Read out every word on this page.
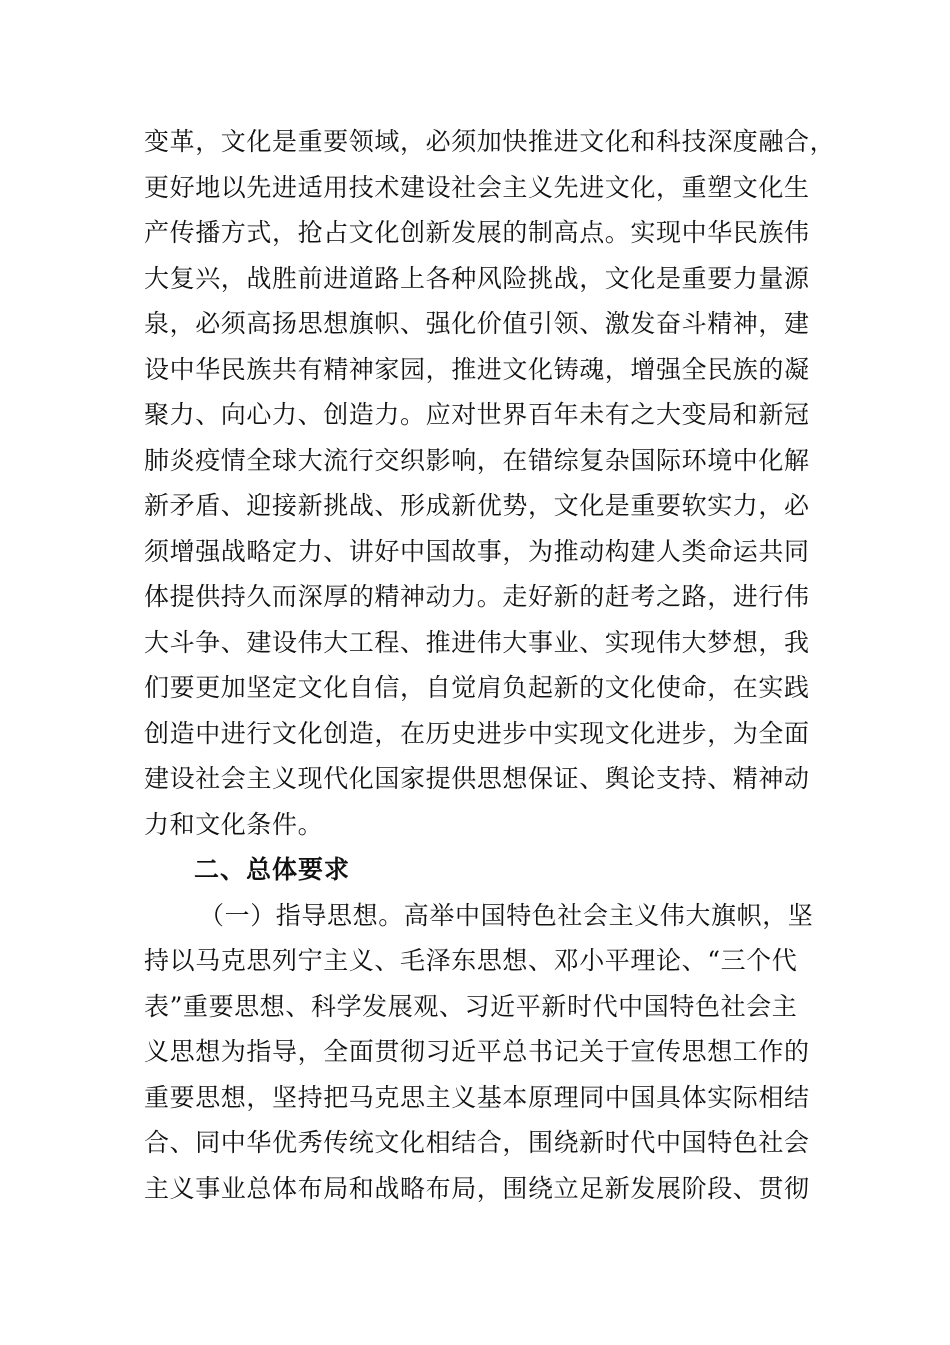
变革，文化是重要领域，必须加快推进文化和科技深度融合，
更好地以先进适用技术建设社会主义先进文化，重塑文化生
产传播方式，抢占文化创新发展的制高点。实现中华民族伟
大复兴，战胜前进道路上各种风险挑战，文化是重要力量源
泉，必须高扬思想旗帜、强化价值引领、激发奋斗精神，建
设中华民族共有精神家园，推进文化铸魂，增强全民族的凝
聚力、向心力、创造力。应对世界百年未有之大变局和新冠
肺炎疫情全球大流行交织影响，在错综复杂国际环境中化解
新矛盾、迎接新挑战、形成新优势，文化是重要软实力，必
须增强战略定力、讲好中国故事，为推动构建人类命运共同
体提供持久而深厚的精神动力。走好新的赶考之路，进行伟
大斗争、建设伟大工程、推进伟大事业、实现伟大梦想，我
们要更加坚定文化自信，自觉肩负起新的文化使命，在实践
创造中进行文化创造，在历史进步中实现文化进步，为全面
建设社会主义现代化国家提供思想保证、舆论支持、精神动
力和文化条件。
二、总体要求
（一）指导思想。高举中国特色社会主义伟大旗帜，坚
持以马克思列宁主义、毛泽东思想、邓小平理论、“三个代
表”重要思想、科学发展观、习近平新时代中国特色社会主
义思想为指导，全面贯彻习近平总书记关于宣传思想工作的
重要思想，坚持把马克思主义基本原理同中国具体实际相结
合、同中华优秀传统文化相结合，围绕新时代中国特色社会
主义事业总体布局和战略布局，围绕立足新发展阶段、贯彻
